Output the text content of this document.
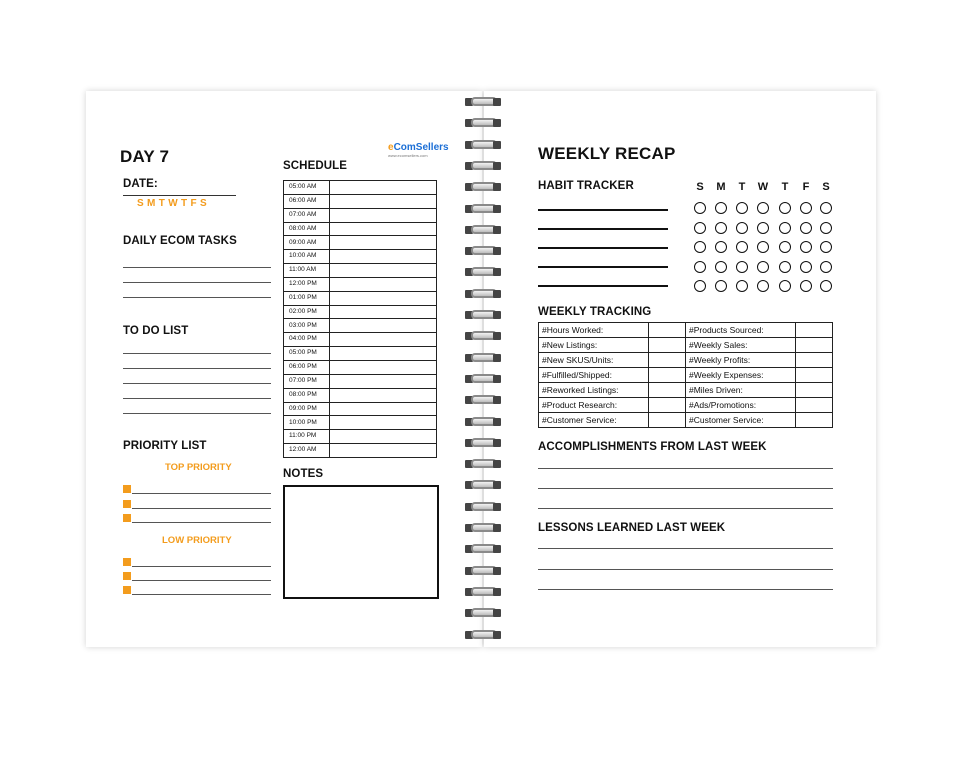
DAY 7	eComSellers
www.ecomsellers.com
DATE:
S M T W T F S
DAILY ECOM TASKS
TO DO LIST
PRIORITY LIST
TOP PRIORITY
LOW PRIORITY
SCHEDULE
05:00 AM	
06:00 AM	
07:00 AM	
08:00 AM	
09:00 AM	
10:00 AM	
11:00 AM	
12:00 PM	
01:00 PM	
02:00 PM	
03:00 PM	
04:00 PM	
05:00 PM	
06:00 PM	
07:00 PM	
08:00 PM	
09:00 PM	
10:00 PM	
11:00 PM	
12:00 AM	
NOTES
WEEKLY RECAP
HABIT TRACKER	S	M	T	W	T	F	S
WEEKLY TRACKING
#Hours Worked:		#Products Sourced:	
#New Listings:		#Weekly Sales:	
#New SKUS/Units:		#Weekly Profits:	
#Fulfilled/Shipped:		#Weekly Expenses:	
#Reworked Listings:		#Miles Driven:	
#Product Research:		#Ads/Promotions:	
#Customer Service:		#Customer Service:	
ACCOMPLISHMENTS FROM LAST WEEK
LESSONS LEARNED LAST WEEK
